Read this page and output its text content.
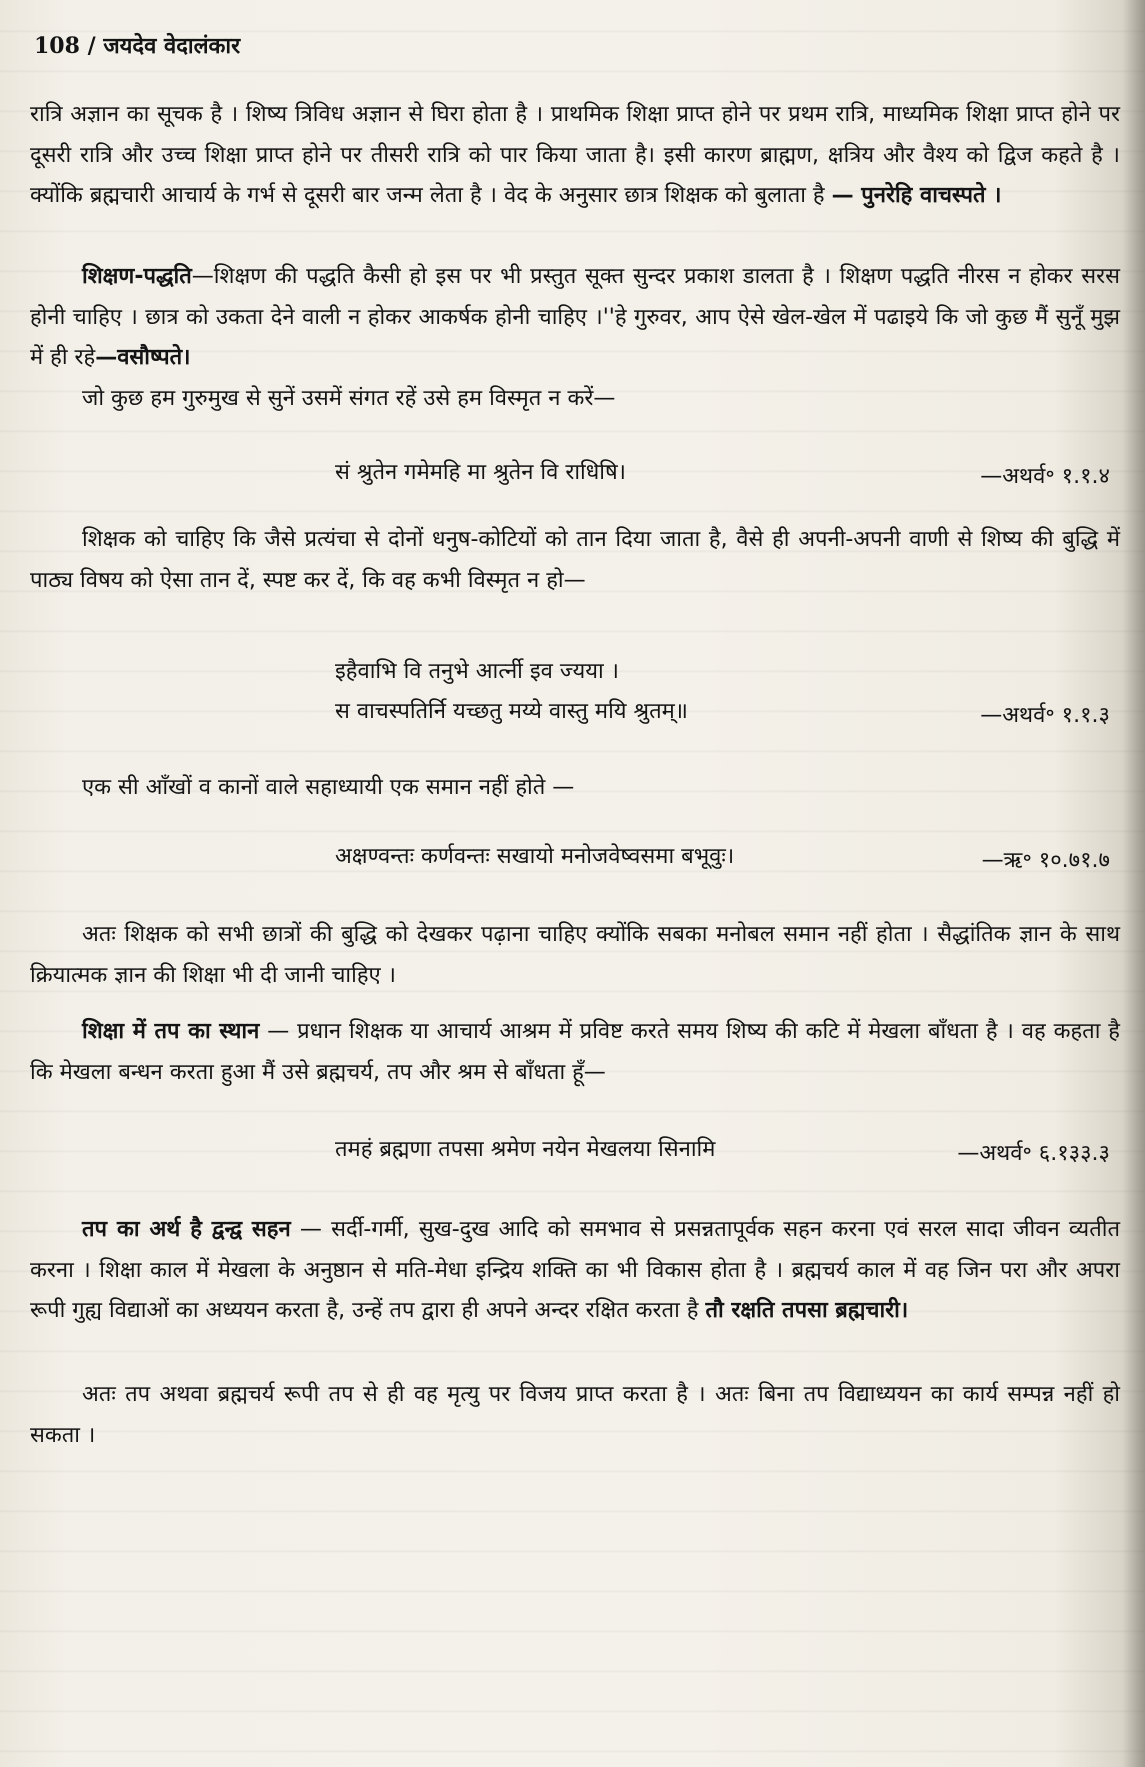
108 / जयदेव वेदालंकार

रात्रि अज्ञान का सूचक है । शिष्य त्रिविध अज्ञान से घिरा होता है । प्राथमिक शिक्षा प्राप्त होने पर प्रथम रात्रि, माध्यमिक शिक्षा प्राप्त होने पर दूसरी रात्रि और उच्च शिक्षा प्राप्त होने पर तीसरी रात्रि को पार किया जाता है। इसी कारण ब्राह्मण, क्षत्रिय और वैश्य को द्विज कहते है । क्योंकि ब्रह्मचारी आचार्य के गर्भ से दूसरी बार जन्म लेता है । वेद के अनुसार छात्र शिक्षक को बुलाता है — पुनरेहि वाचस्पते ।

शिक्षण-पद्धति—शिक्षण की पद्धति कैसी हो इस पर भी प्रस्तुत सूक्त सुन्दर प्रकाश डालता है । शिक्षण पद्धति नीरस न होकर सरस होनी चाहिए । छात्र को उकता देने वाली न होकर आकर्षक होनी चाहिए ।''हे गुरुवर, आप ऐसे खेल-खेल में पढाइये कि जो कुछ मैं सुनूँ मुझ में ही रहे—वसौष्पते।

जो कुछ हम गुरुमुख से सुनें उसमें संगत रहें उसे हम विस्मृत न करें—

सं श्रुतेन गमेमहि मा श्रुतेन वि राधिषि।	—अथर्व॰ १.१.४

शिक्षक को चाहिए कि जैसे प्रत्यंचा से दोनों धनुष-कोटियों को तान दिया जाता है, वैसे ही अपनी-अपनी वाणी से शिष्य की बुद्धि में पाठ्य विषय को ऐसा तान दें, स्पष्ट कर दें, कि वह कभी विस्मृत न हो—

इहैवाभि वि तनुभे आर्त्नी इव ज्यया ।
स वाचस्पतिर्नि यच्छतु मय्ये वास्तु मयि श्रुतम्॥	—अथर्व॰ १.१.३

एक सी आँखों व कानों वाले सहाध्यायी एक समान नहीं होते —

अक्षण्वन्तः कर्णवन्तः सखायो मनोजवेष्वसमा बभूवुः।	—ऋ॰ १०.७१.७

अतः शिक्षक को सभी छात्रों की बुद्धि को देखकर पढ़ाना चाहिए क्योंकि सबका मनोबल समान नहीं होता । सैद्धांतिक ज्ञान के साथ क्रियात्मक ज्ञान की शिक्षा भी दी जानी चाहिए ।

शिक्षा में तप का स्थान — प्रधान शिक्षक या आचार्य आश्रम में प्रविष्ट करते समय शिष्य की कटि में मेखला बाँधता है । वह कहता है कि मेखला बन्धन करता हुआ मैं उसे ब्रह्मचर्य, तप और श्रम से बाँधता हूँ—

तमहं ब्रह्मणा तपसा श्रमेण नयेन मेखलया सिनामि	—अथर्व॰ ६.१३३.३

तप का अर्थ है द्वन्द्व सहन — सर्दी-गर्मी, सुख-दुख आदि को समभाव से प्रसन्नतापूर्वक सहन करना एवं सरल सादा जीवन व्यतीत करना । शिक्षा काल में मेखला के अनुष्ठान से मति-मेधा इन्द्रिय शक्ति का भी विकास होता है । ब्रह्मचर्य काल में वह जिन परा और अपरा रूपी गुह्य विद्याओं का अध्ययन करता है, उन्हें तप द्वारा ही अपने अन्दर रक्षित करता है तौ रक्षति तपसा ब्रह्मचारी।

अतः तप अथवा ब्रह्मचर्य रूपी तप से ही वह मृत्यु पर विजय प्राप्त करता है । अतः बिना तप विद्याध्ययन का कार्य सम्पन्न नहीं हो सकता ।
